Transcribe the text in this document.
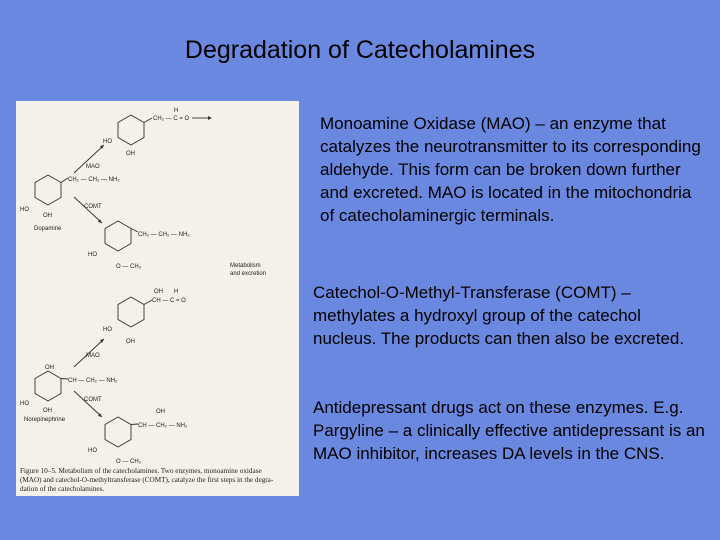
Degradation of Catecholamines
CH₂ — C = O
H
HO
OH
MAO
CH₂ — CH₂ — NH₂
HO
OH
Dopamine
COMT
CH₂ — CH₂ — NH₂
HO
O — CH₃	Metabolism
and excretion
CH — C = O
OH H
HO
OH
MAO
OH
CH — CH₂ — NH₂
HO
OH
Norepinephrine
COMT
OH
CH — CH₂ — NH₂
HO
O — CH₃
Figure 10–5. Metabolism of the catecholamines. Two enzymes, monoamine oxidase
(MAO) and catechol-O-methyltransferase (COMT), catalyze the first steps in the degra-
dation of the catecholamines.
Monoamine Oxidase (MAO) – an enzyme that catalyzes the neurotransmitter to its corresponding aldehyde. This form can be broken down further and excreted. MAO is located in the mitochondria of catecholaminergic terminals.
Catechol-O-Methyl-Transferase (COMT) – methylates a hydroxyl group of the catechol nucleus. The products can then also be excreted.
Antidepressant drugs act on these enzymes. E.g. Pargyline – a clinically effective antidepressant is an MAO inhibitor, increases DA levels in the CNS.
